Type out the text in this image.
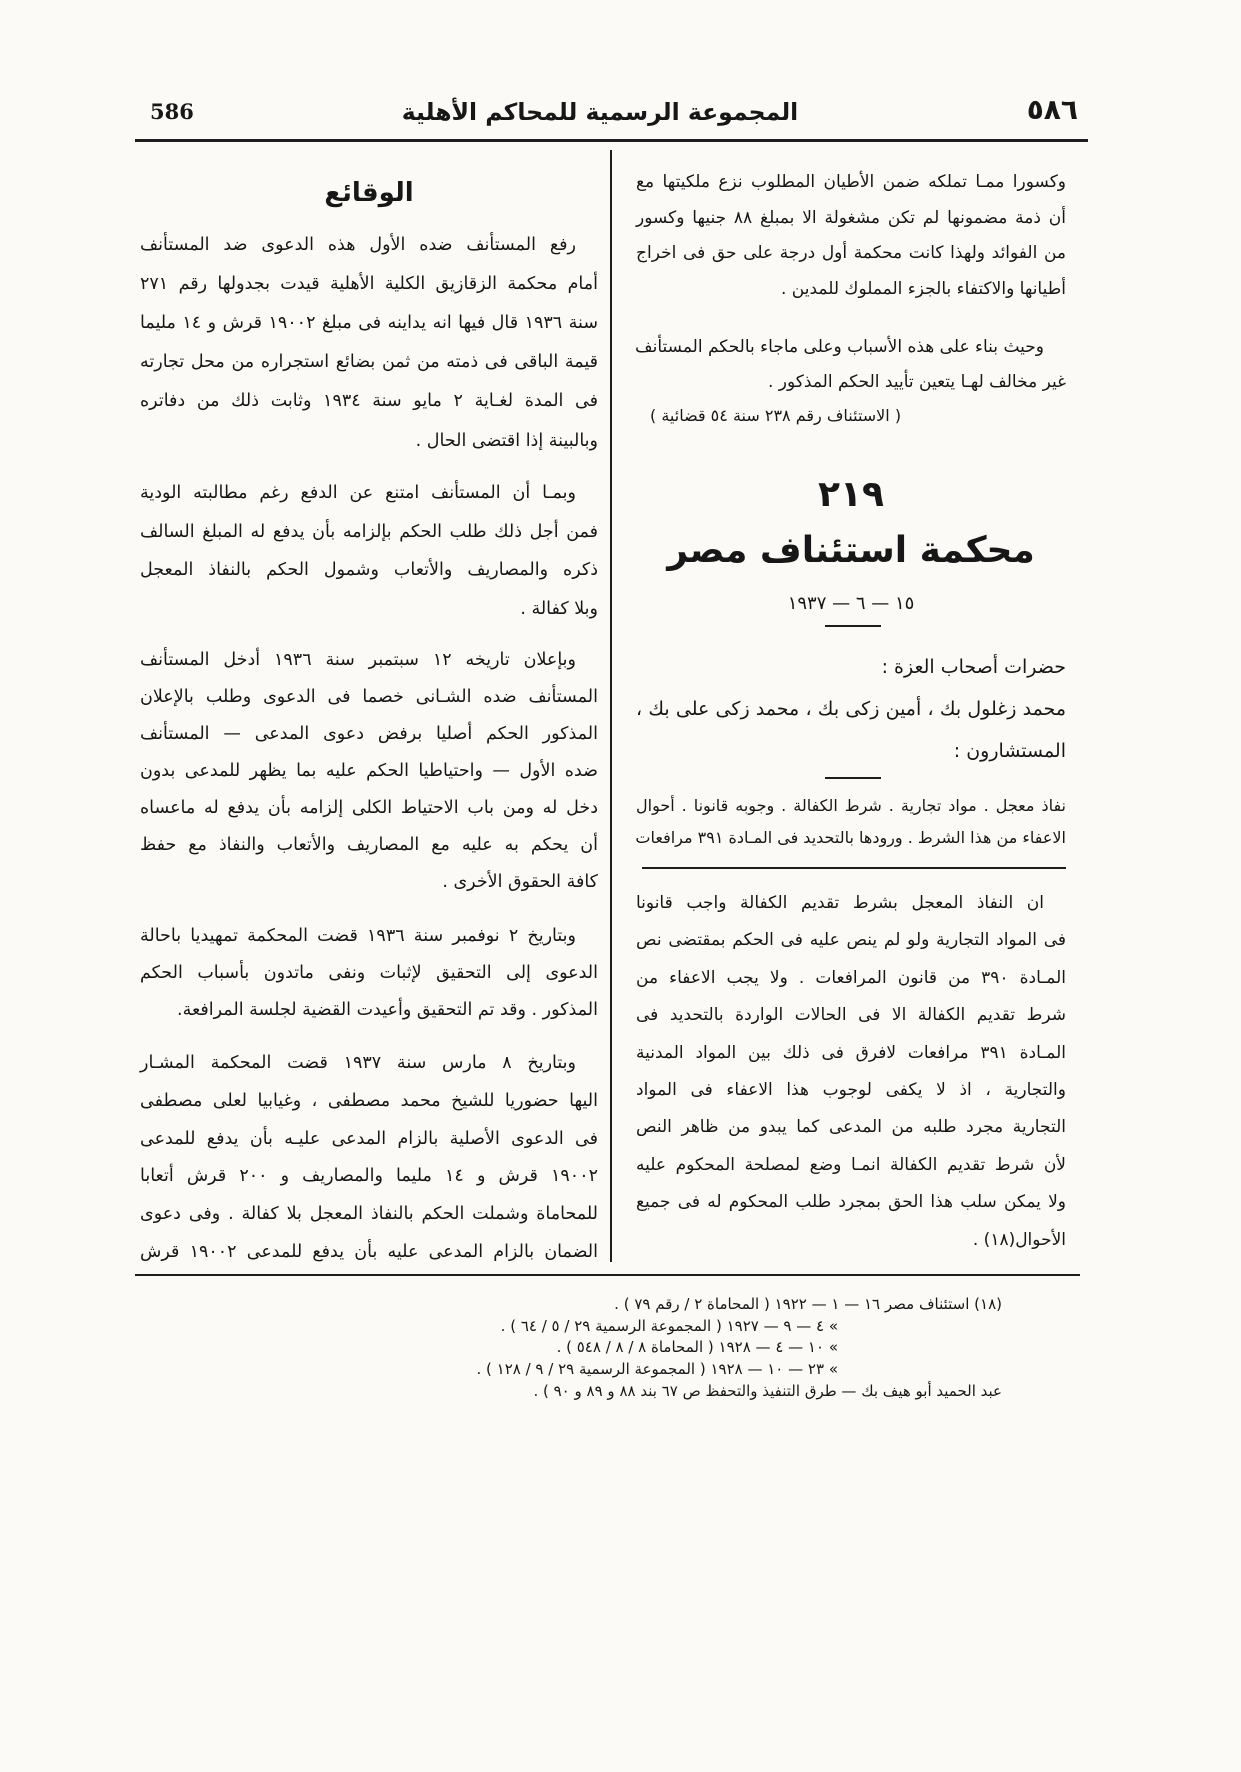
586	المجموعة الرسمية للمحاكم الأهلية	٥٨٦
وكسورا ممـا تملكه ضمن الأطيان المطلوب نزع ملكيتها مع
أن ذمة مضمونها لم تكن مشغولة الا بمبلغ ٨٨ جنيها وكسور
من الفوائد ولهذا كانت محكمة أول درجة على حق فى اخراج
أطيانها والاكتفاء بالجزء المملوك للمدين .
وحيث بناء على هذه الأسباب وعلى ماجاء بالحكم المستأنف
غير مخالف لهـا يتعين تأييد الحكم المذكور .
( الاستئناف رقم ٢٣٨ سنة ٥٤ قضائية )
٢١٩
محكمة استئناف مصر
١٥ — ٦ — ١٩٣٧
حضرات أصحاب العزة :
محمد زغلول بك ، أمين زكى بك ، محمد زكى على بك ،
المستشارون :
نفاذ معجل . مواد تجارية . شرط الكفالة . وجوبه قانونا . أحوال
الاعفاء من هذا الشرط . ورودها بالتحديد فى المـادة ٣٩١ مرافعات
ان النفاذ المعجل بشرط تقديم الكفالة واجب قانونا
فى المواد التجارية ولو لم ينص عليه فى الحكم بمقتضى نص
المـادة ٣٩٠ من قانون المرافعات . ولا يجب الاعفاء من
شرط تقديم الكفالة الا فى الحالات الواردة بالتحديد فى
المـادة ٣٩١ مرافعات لافرق فى ذلك بين المواد المدنية
والتجارية ، اذ لا يكفى لوجوب هذا الاعفاء فى المواد
التجارية مجرد طلبه من المدعى كما يبدو من ظاهر النص
لأن شرط تقديم الكفالة انمـا وضع لمصلحة المحكوم عليه
ولا يمكن سلب هذا الحق بمجرد طلب المحكوم له فى جميع
الأحوال(١٨) .
الوقائع
رفع المستأنف ضده الأول هذه الدعوى ضد المستأنف
أمام محكمة الزقازيق الكلية الأهلية قيدت بجدولها رقم ٢٧١
سنة ١٩٣٦ قال فيها انه يداينه فى مبلغ ١٩٠٠٢ قرش و ١٤ مليما
قيمة الباقى فى ذمته من ثمن بضائع استجراره من محل تجارته
فى المدة لغـاية ٢ مايو سنة ١٩٣٤ وثابت ذلك من دفاتره
وبالبينة إذا اقتضى الحال .
وبمـا أن المستأنف امتنع عن الدفع رغم مطالبته الودية
فمن أجل ذلك طلب الحكم بإلزامه بأن يدفع له المبلغ السالف
ذكره والمصاريف والأتعاب وشمول الحكم بالنفاذ المعجل
وبلا كفالة .
وبإعلان تاريخه ١٢ سبتمبر سنة ١٩٣٦ أدخل المستأنف
المستأنف ضده الشـانى خصما فى الدعوى وطلب بالإعلان
المذكور الحكم أصليا برفض دعوى المدعى — المستأنف
ضده الأول — واحتياطيا الحكم عليه بما يظهر للمدعى بدون
دخل له ومن باب الاحتياط الكلى إلزامه بأن يدفع له ماعساه
أن يحكم به عليه مع المصاريف والأتعاب والنفاذ مع حفظ
كافة الحقوق الأخرى .
وبتاريخ ٢ نوفمبر سنة ١٩٣٦ قضت المحكمة تمهيديا باحالة
الدعوى إلى التحقيق لإثبات ونفى ماتدون بأسباب الحكم
المذكور . وقد تم التحقيق وأعيدت القضية لجلسة المرافعة.
وبتاريخ ٨ مارس سنة ١٩٣٧ قضت المحكمة المشـار
اليها حضوريا للشيخ محمد مصطفى ، وغيابيا لعلى مصطفى
فى الدعوى الأصلية بالزام المدعى عليـه بأن يدفع للمدعى
١٩٠٠٢ قرش و ١٤ مليما والمصاريف و ٢٠٠ قرش أتعابا
للمحاماة وشملت الحكم بالنفاذ المعجل بلا كفالة . وفى دعوى
الضمان بالزام المدعى عليه بأن يدفع للمدعى ١٩٠٠٢ قرش
(١٨) استئناف مصر ١٦ — ١ — ١٩٢٢ ( المحاماة ٢ / رقم ٧٩ ) .
» ٤ — ٩ — ١٩٢٧ ( المجموعة الرسمية ٢٩ / ٥ / ٦٤ ) .
» ١٠ — ٤ — ١٩٢٨ ( المحاماة ٨ / ٨ / ٥٤٨ ) .
» ٢٣ — ١٠ — ١٩٢٨ ( المجموعة الرسمية ٢٩ / ٩ / ١٢٨ ) .
عبد الحميد أبو هيف بك — طرق التنفيذ والتحفظ ص ٦٧ بند ٨٨ و ٨٩ و ٩٠ ) .
